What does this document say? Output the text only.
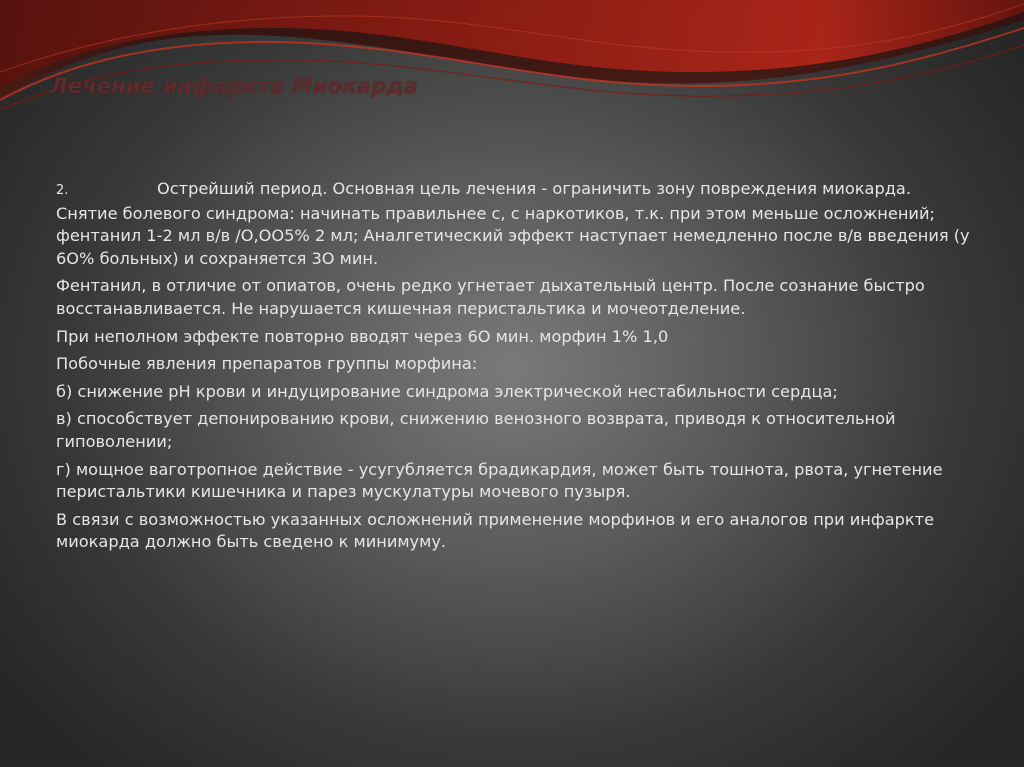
Лечение инфаркта Миокарда

2.	Острейший период. Основная цель лечения - ограничить зону повреждения миокарда. Снятие болевого синдрома: начинать правильнее с, с наркотиков, т.к. при этом меньше осложнений; фентанил 1-2 мл в/в /О,ОО5% 2 мл; Аналгетический эффект наступает немедленно после в/в введения (у 6О% больных) и сохраняется 3О мин.

Фентанил, в отличие от опиатов, очень редко угнетает дыхательный центр. После сознание быстро восстанавливается. Не нарушается кишечная перистальтика и мочеотделение.

При неполном эффекте повторно вводят через 6О мин. морфин 1% 1,0

Побочные явления препаратов группы морфина:

б) снижение рН крови и индуцирование синдрома электрической нестабильности сердца;

в) способствует депонированию крови, снижению венозного возврата, приводя к относительной гиповолении;

г) мощное ваготропное действие - усугубляется брадикардия, может быть тошнота, рвота, угнетение перистальтики кишечника и парез мускулатуры мочевого пузыря.

В связи с возможностью указанных осложнений применение морфинов и его аналогов при инфаркте миокарда должно быть сведено к минимуму.
